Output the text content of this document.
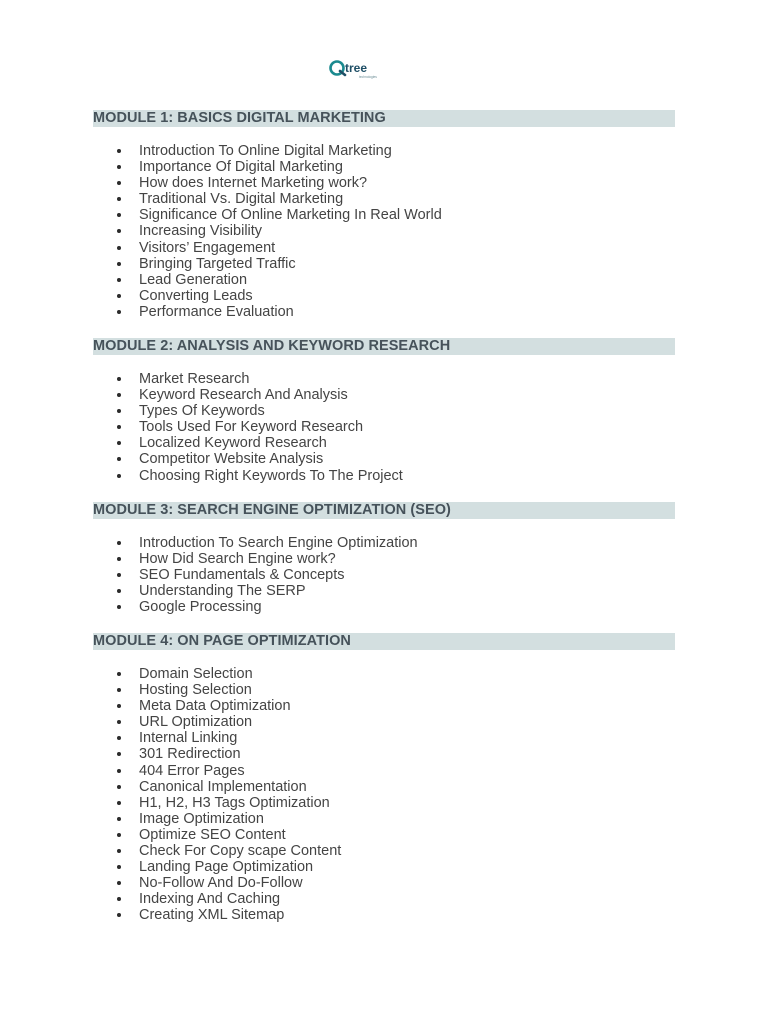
tree
technologies
MODULE 1: BASICS DIGITAL MARKETING
Introduction To Online Digital Marketing
Importance Of Digital Marketing
How does Internet Marketing work?
Traditional Vs. Digital Marketing
Significance Of Online Marketing In Real World
Increasing Visibility
Visitors’ Engagement
Bringing Targeted Traffic
Lead Generation
Converting Leads
Performance Evaluation
MODULE 2: ANALYSIS AND KEYWORD RESEARCH
Market Research
Keyword Research And Analysis
Types Of Keywords
Tools Used For Keyword Research
Localized Keyword Research
Competitor Website Analysis
Choosing Right Keywords To The Project
MODULE 3: SEARCH ENGINE OPTIMIZATION (SEO)
Introduction To Search Engine Optimization
How Did Search Engine work?
SEO Fundamentals & Concepts
Understanding The SERP
Google Processing
MODULE 4: ON PAGE OPTIMIZATION
Domain Selection
Hosting Selection
Meta Data Optimization
URL Optimization
Internal Linking
301 Redirection
404 Error Pages
Canonical Implementation
H1, H2, H3 Tags Optimization
Image Optimization
Optimize SEO Content
Check For Copy scape Content
Landing Page Optimization
No-Follow And Do-Follow
Indexing And Caching
Creating XML Sitemap
